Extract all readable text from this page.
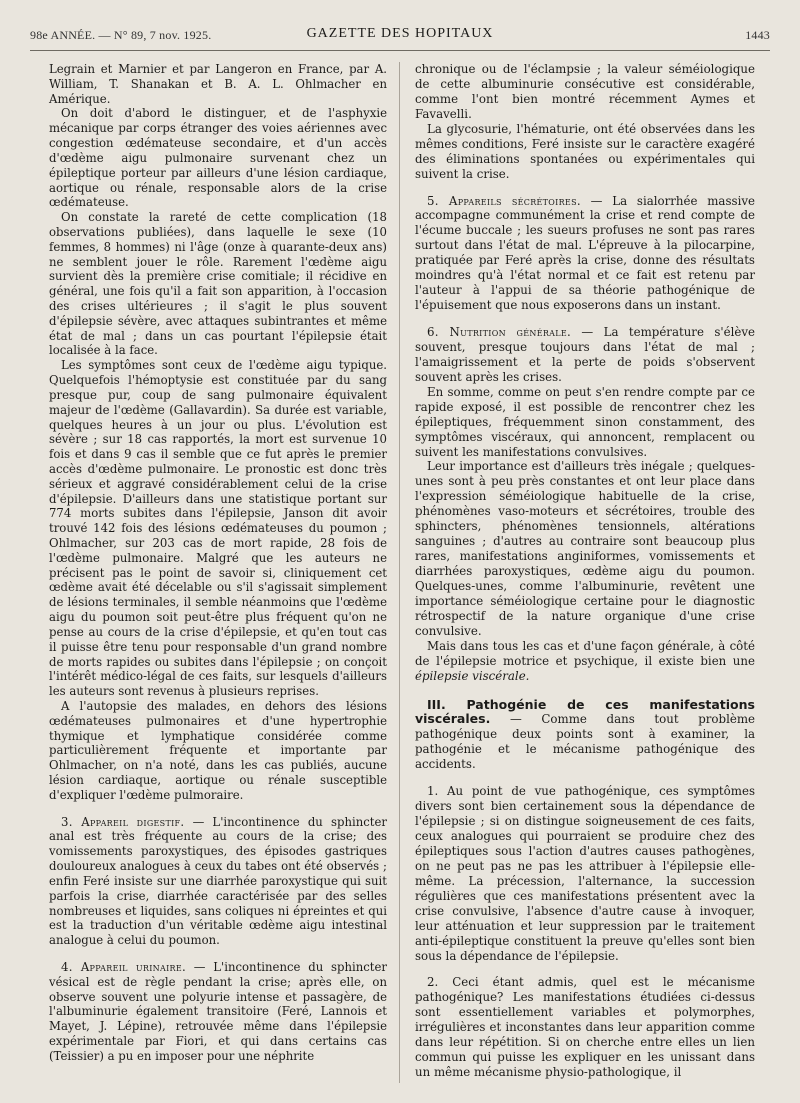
98e ANNÉE. — N° 89, 7 nov. 1925.	GAZETTE DES HOPITAUX	1443

Legrain et Marnier et par Langeron en France, par A. William, T. Shanakan et B. A. L. Ohlmacher en Amérique.

On doit d'abord le distinguer, et de l'asphyxie mécanique par corps étranger des voies aériennes avec congestion œdémateuse secondaire, et d'un accès d'œdème aigu pulmonaire survenant chez un épileptique porteur par ailleurs d'une lésion cardiaque, aortique ou rénale, responsable alors de la crise œdémateuse.

On constate la rareté de cette complication (18 observations publiées), dans laquelle le sexe (10 femmes, 8 hommes) ni l'âge (onze à quarante-deux ans) ne semblent jouer le rôle. Rarement l'œdème aigu survient dès la première crise comitiale; il récidive en général, une fois qu'il a fait son apparition, à l'occasion des crises ultérieures ; il s'agit le plus souvent d'épilepsie sévère, avec attaques subintrantes et même état de mal ; dans un cas pourtant l'épilepsie était localisée à la face.

Les symptômes sont ceux de l'œdème aigu typique. Quelquefois l'hémoptysie est constituée par du sang presque pur, coup de sang pulmonaire équivalent majeur de l'œdème (Gallavardin). Sa durée est variable, quelques heures à un jour ou plus. L'évolution est sévère ; sur 18 cas rapportés, la mort est survenue 10 fois et dans 9 cas il semble que ce fut après le premier accès d'œdème pulmonaire. Le pronostic est donc très sérieux et aggravé considérablement celui de la crise d'épilepsie. D'ailleurs dans une statistique portant sur 774 morts subites dans l'épilepsie, Janson dit avoir trouvé 142 fois des lésions œdémateuses du poumon ; Ohlmacher, sur 203 cas de mort rapide, 28 fois de l'œdème pulmonaire. Malgré que les auteurs ne précisent pas le point de savoir si, cliniquement cet œdème avait été décelable ou s'il s'agissait simplement de lésions terminales, il semble néanmoins que l'œdème aigu du poumon soit peut-être plus fréquent qu'on ne pense au cours de la crise d'épilepsie, et qu'en tout cas il puisse être tenu pour responsable d'un grand nombre de morts rapides ou subites dans l'épilepsie ; on conçoit l'intérêt médico-légal de ces faits, sur lesquels d'ailleurs les auteurs sont revenus à plusieurs reprises.

A l'autopsie des malades, en dehors des lésions œdémateuses pulmonaires et d'une hypertrophie thymique et lymphatique considérée comme particulièrement fréquente et importante par Ohlmacher, on n'a noté, dans les cas publiés, aucune lésion cardiaque, aortique ou rénale susceptible d'expliquer l'œdème pulmoraire.

3. Appareil digestif. — L'incontinence du sphincter anal est très fréquente au cours de la crise; des vomissements paroxystiques, des épisodes gastriques douloureux analogues à ceux du tabes ont été observés ; enfin Feré insiste sur une diarrhée paroxystique qui suit parfois la crise, diarrhée caractérisée par des selles nombreuses et liquides, sans coliques ni épreintes et qui est la traduction d'un véritable œdème aigu intestinal analogue à celui du poumon.

4. Appareil urinaire. — L'incontinence du sphincter vésical est de règle pendant la crise; après elle, on observe souvent une polyurie intense et passagère, de l'albuminurie également transitoire (Feré, Lannois et Mayet, J. Lépine), retrouvée même dans l'épilepsie expérimentale par Fiori, et qui dans certains cas (Teissier) a pu en imposer pour une néphrite

chronique ou de l'éclampsie ; la valeur séméiologique de cette albuminurie consécutive est considérable, comme l'ont bien montré récemment Aymes et Favavelli.

La glycosurie, l'hématurie, ont été observées dans les mêmes conditions, Feré insiste sur le caractère exagéré des éliminations spontanées ou expérimentales qui suivent la crise.

5. Appareils sécrétoires. — La sialorrhée massive accompagne communément la crise et rend compte de l'écume buccale ; les sueurs profuses ne sont pas rares surtout dans l'état de mal. L'épreuve à la pilocarpine, pratiquée par Feré après la crise, donne des résultats moindres qu'à l'état normal et ce fait est retenu par l'auteur à l'appui de sa théorie pathogénique de l'épuisement que nous exposerons dans un instant.

6. Nutrition générale. — La température s'élève souvent, presque toujours dans l'état de mal ; l'amaigrissement et la perte de poids s'observent souvent après les crises.

En somme, comme on peut s'en rendre compte par ce rapide exposé, il est possible de rencontrer chez les épileptiques, fréquemment sinon constamment, des symptômes viscéraux, qui annoncent, remplacent ou suivent les manifestations convulsives.

Leur importance est d'ailleurs très inégale ; quelques-unes sont à peu près constantes et ont leur place dans l'expression séméiologique habituelle de la crise, phénomènes vaso-moteurs et sécrétoires, trouble des sphincters, phénomènes tensionnels, altérations sanguines ; d'autres au contraire sont beaucoup plus rares, manifestations anginiformes, vomissements et diarrhées paroxystiques, œdème aigu du poumon. Quelques-unes, comme l'albuminurie, revêtent une importance séméiologique certaine pour le diagnostic rétrospectif de la nature organique d'une crise convulsive.

Mais dans tous les cas et d'une façon générale, à côté de l'épilepsie motrice et psychique, il existe bien une épilepsie viscérale.

III. Pathogénie de ces manifestations viscérales. — Comme dans tout problème pathogénique deux points sont à examiner, la pathogénie et le mécanisme pathogénique des accidents.

1. Au point de vue pathogénique, ces symptômes divers sont bien certainement sous la dépendance de l'épilepsie ; si on distingue soigneusement de ces faits, ceux analogues qui pourraient se produire chez des épileptiques sous l'action d'autres causes pathogènes, on ne peut pas ne pas les attribuer à l'épilepsie elle-même. La précession, l'alternance, la succession régulières que ces manifestations présentent avec la crise convulsive, l'absence d'autre cause à invoquer, leur atténuation et leur suppression par le traitement anti-épileptique constituent la preuve qu'elles sont bien sous la dépendance de l'épilepsie.

2. Ceci étant admis, quel est le mécanisme pathogénique? Les manifestations étudiées ci-dessus sont essentiellement variables et polymorphes, irrégulières et inconstantes dans leur apparition comme dans leur répétition. Si on cherche entre elles un lien commun qui puisse les expliquer en les unissant dans un même mécanisme physio-pathologique, il
